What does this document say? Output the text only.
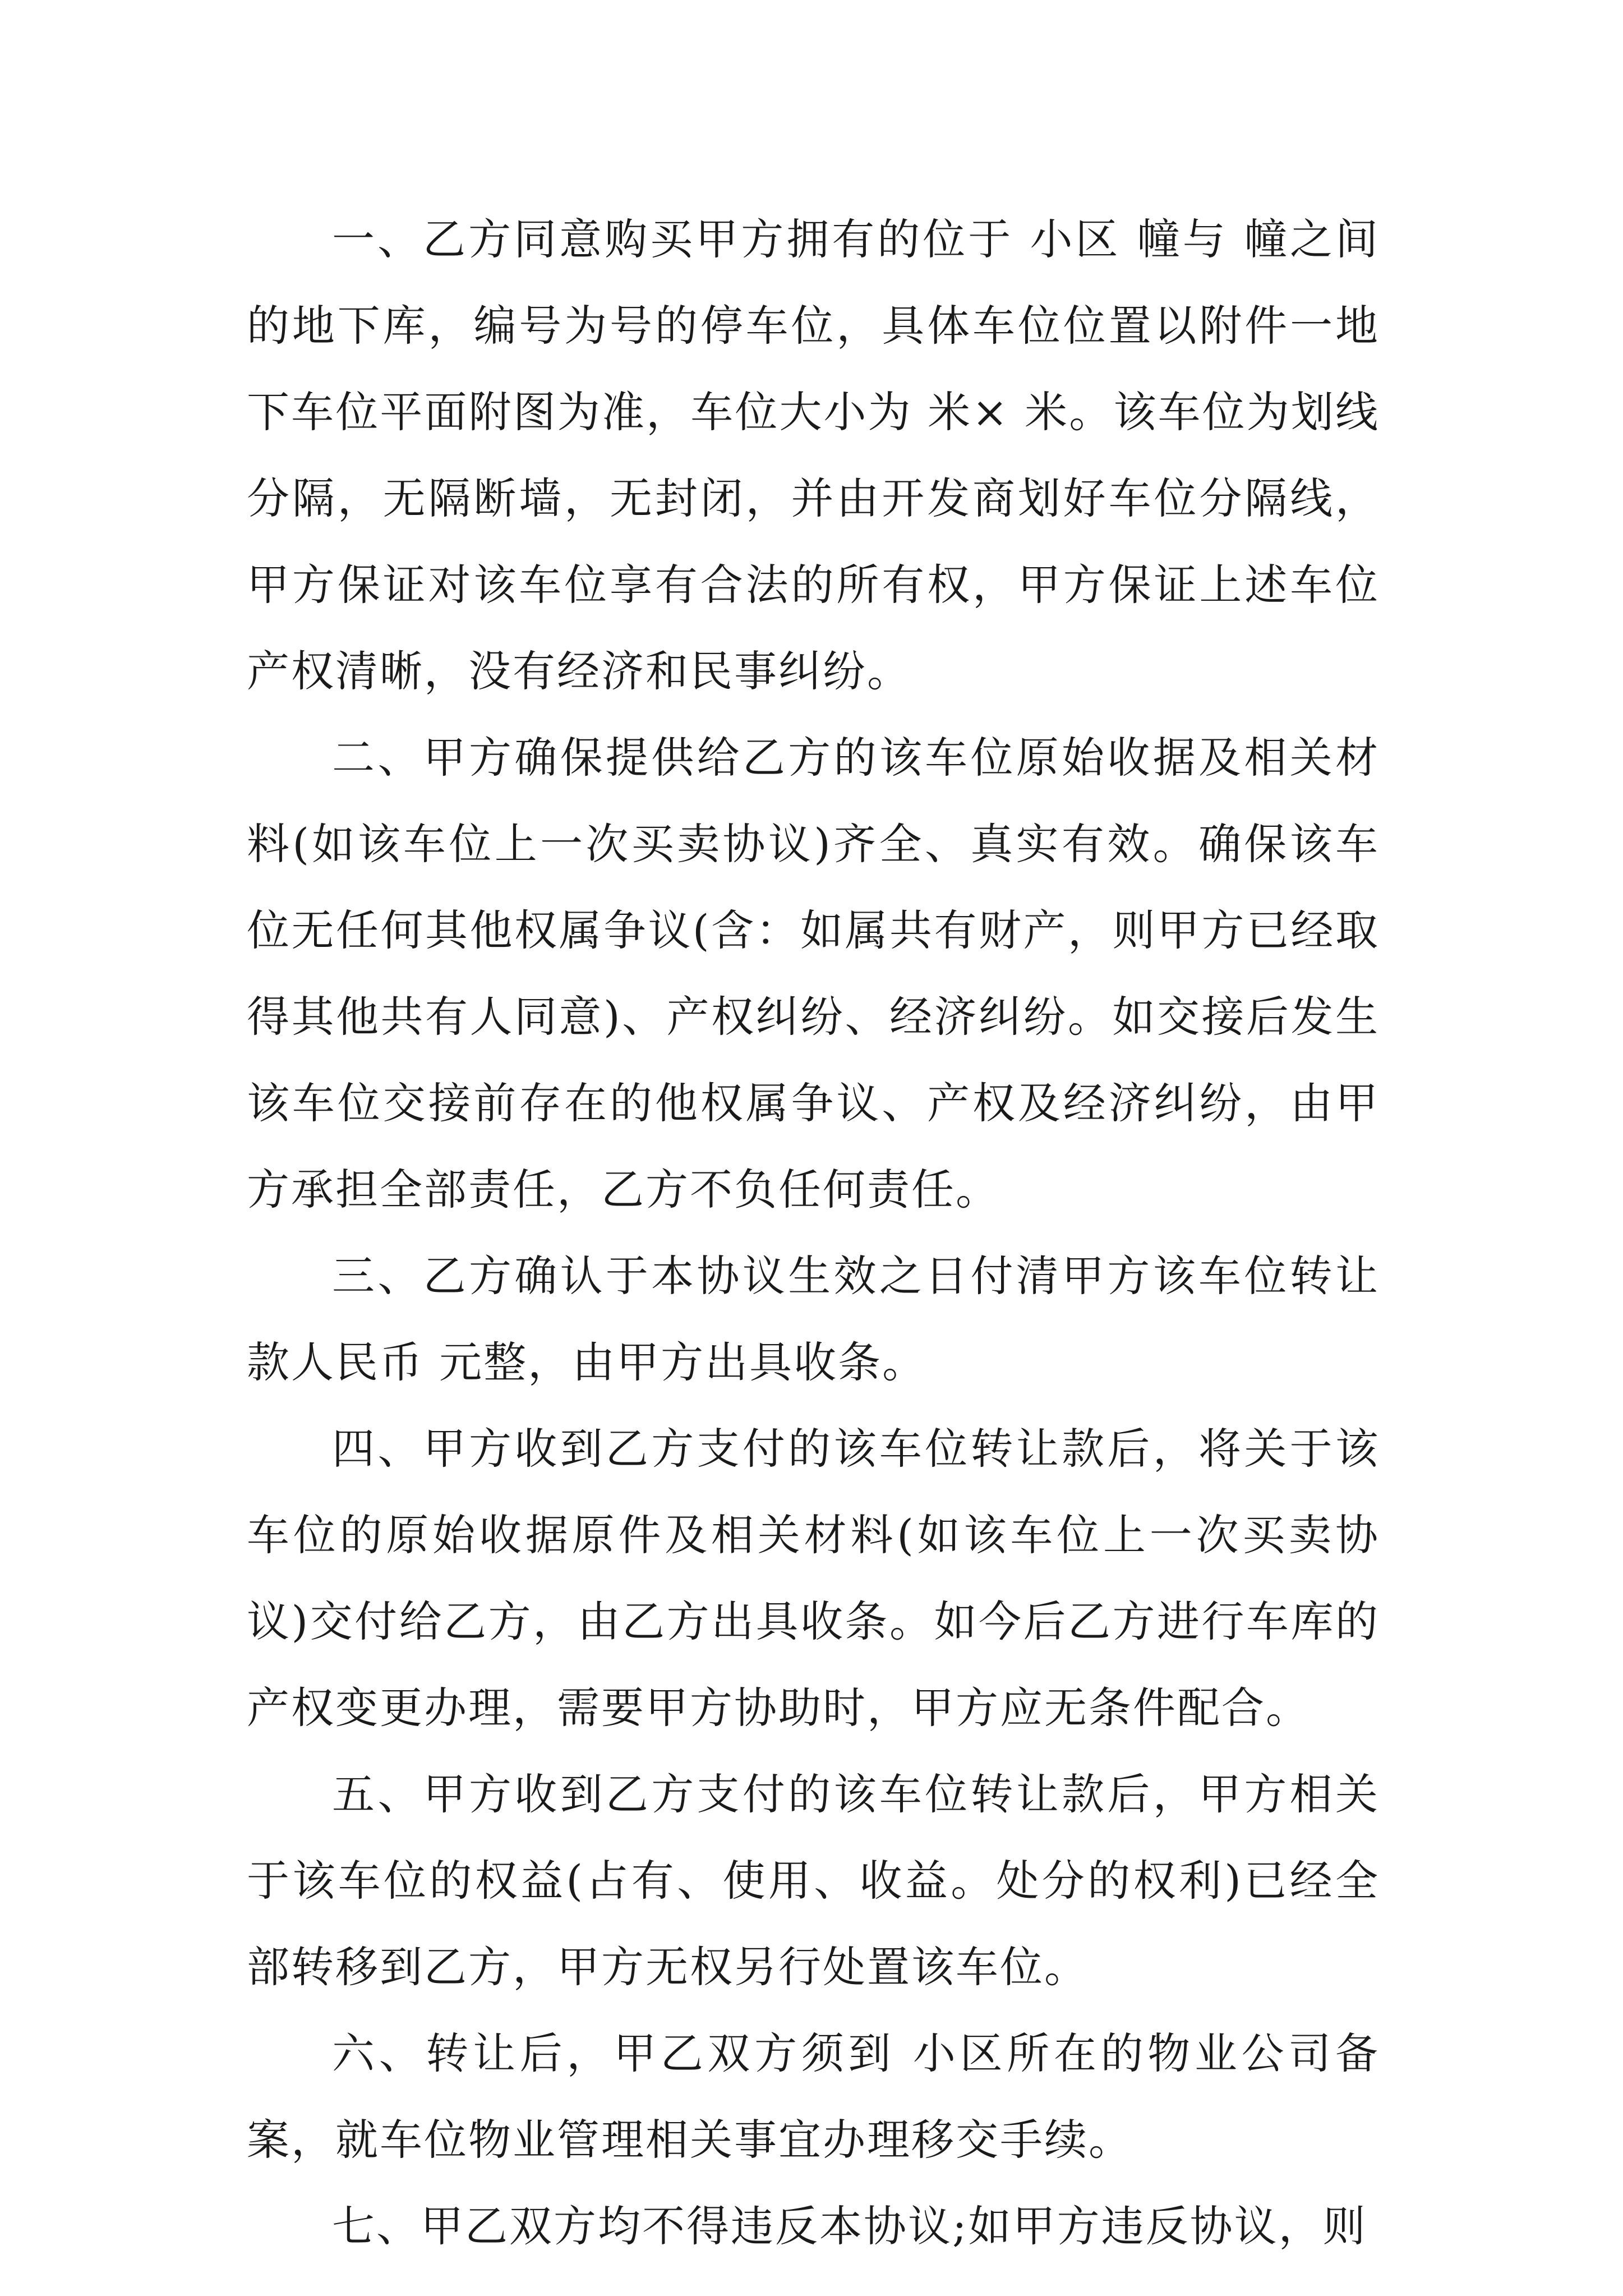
一、乙方同意购买甲方拥有的位于 小区 幢与 幢之间的地下库，编号为号的停车位，具体车位位置以附件一地下车位平面附图为准，车位大小为 米× 米。该车位为划线分隔，无隔断墙，无封闭，并由开发商划好车位分隔线，甲方保证对该车位享有合法的所有权，甲方保证上述车位产权清晰，没有经济和民事纠纷。

二、甲方确保提供给乙方的该车位原始收据及相关材料(如该车位上一次买卖协议)齐全、真实有效。确保该车位无任何其他权属争议(含：如属共有财产，则甲方已经取得其他共有人同意)、产权纠纷、经济纠纷。如交接后发生该车位交接前存在的他权属争议、产权及经济纠纷，由甲方承担全部责任，乙方不负任何责任。

三、乙方确认于本协议生效之日付清甲方该车位转让款人民币 元整，由甲方出具收条。

四、甲方收到乙方支付的该车位转让款后，将关于该车位的原始收据原件及相关材料(如该车位上一次买卖协议)交付给乙方，由乙方出具收条。如今后乙方进行车库的产权变更办理，需要甲方协助时，甲方应无条件配合。

五、甲方收到乙方支付的该车位转让款后，甲方相关于该车位的权益(占有、使用、收益。处分的权利)已经全部转移到乙方，甲方无权另行处置该车位。

六、转让后，甲乙双方须到 小区所在的物业公司备案，就车位物业管理相关事宜办理移交手续。

七、甲乙双方均不得违反本协议;如甲方违反协议，则
